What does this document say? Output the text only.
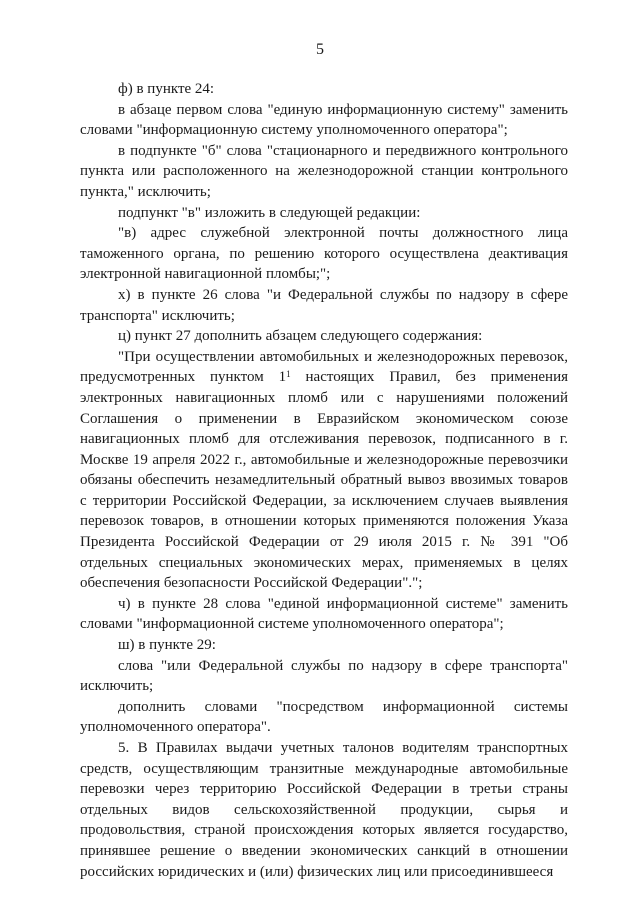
5

ф) в пункте 24:

в абзаце первом слова "единую информационную систему" заменить словами "информационную систему уполномоченного оператора";

в подпункте "б" слова "стационарного и передвижного контрольного пункта или расположенного на железнодорожной станции контрольного пункта," исключить;

подпункт "в" изложить в следующей редакции:

"в) адрес служебной электронной почты должностного лица таможенного органа, по решению которого осуществлена деактивация электронной навигационной пломбы;";

х) в пункте 26 слова "и Федеральной службы по надзору в сфере транспорта" исключить;

ц) пункт 27 дополнить абзацем следующего содержания:

"При осуществлении автомобильных и железнодорожных перевозок, предусмотренных пунктом $1^1$ настоящих Правил, без применения электронных навигационных пломб или с нарушениями положений Соглашения о применении в Евразийском экономическом союзе навигационных пломб для отслеживания перевозок, подписанного в г. Москве 19 апреля 2022 г., автомобильные и железнодорожные перевозчики обязаны обеспечить незамедлительный обратный вывоз ввозимых товаров с территории Российской Федерации, за исключением случаев выявления перевозок товаров, в отношении которых применяются положения Указа Президента Российской Федерации от 29 июля 2015 г. № 391 "Об отдельных специальных экономических мерах, применяемых в целях обеспечения безопасности Российской Федерации".";

ч) в пункте 28 слова "единой информационной системе" заменить словами "информационной системе уполномоченного оператора";

ш) в пункте 29:

слова "или Федеральной службы по надзору в сфере транспорта" исключить;

дополнить словами "посредством информационной системы уполномоченного оператора".

5. В Правилах выдачи учетных талонов водителям транспортных средств, осуществляющим транзитные международные автомобильные перевозки через территорию Российской Федерации в третьи страны отдельных видов сельскохозяйственной продукции, сырья и продовольствия, страной происхождения которых является государство, принявшее решение о введении экономических санкций в отношении российских юридических и (или) физических лиц или присоединившееся
